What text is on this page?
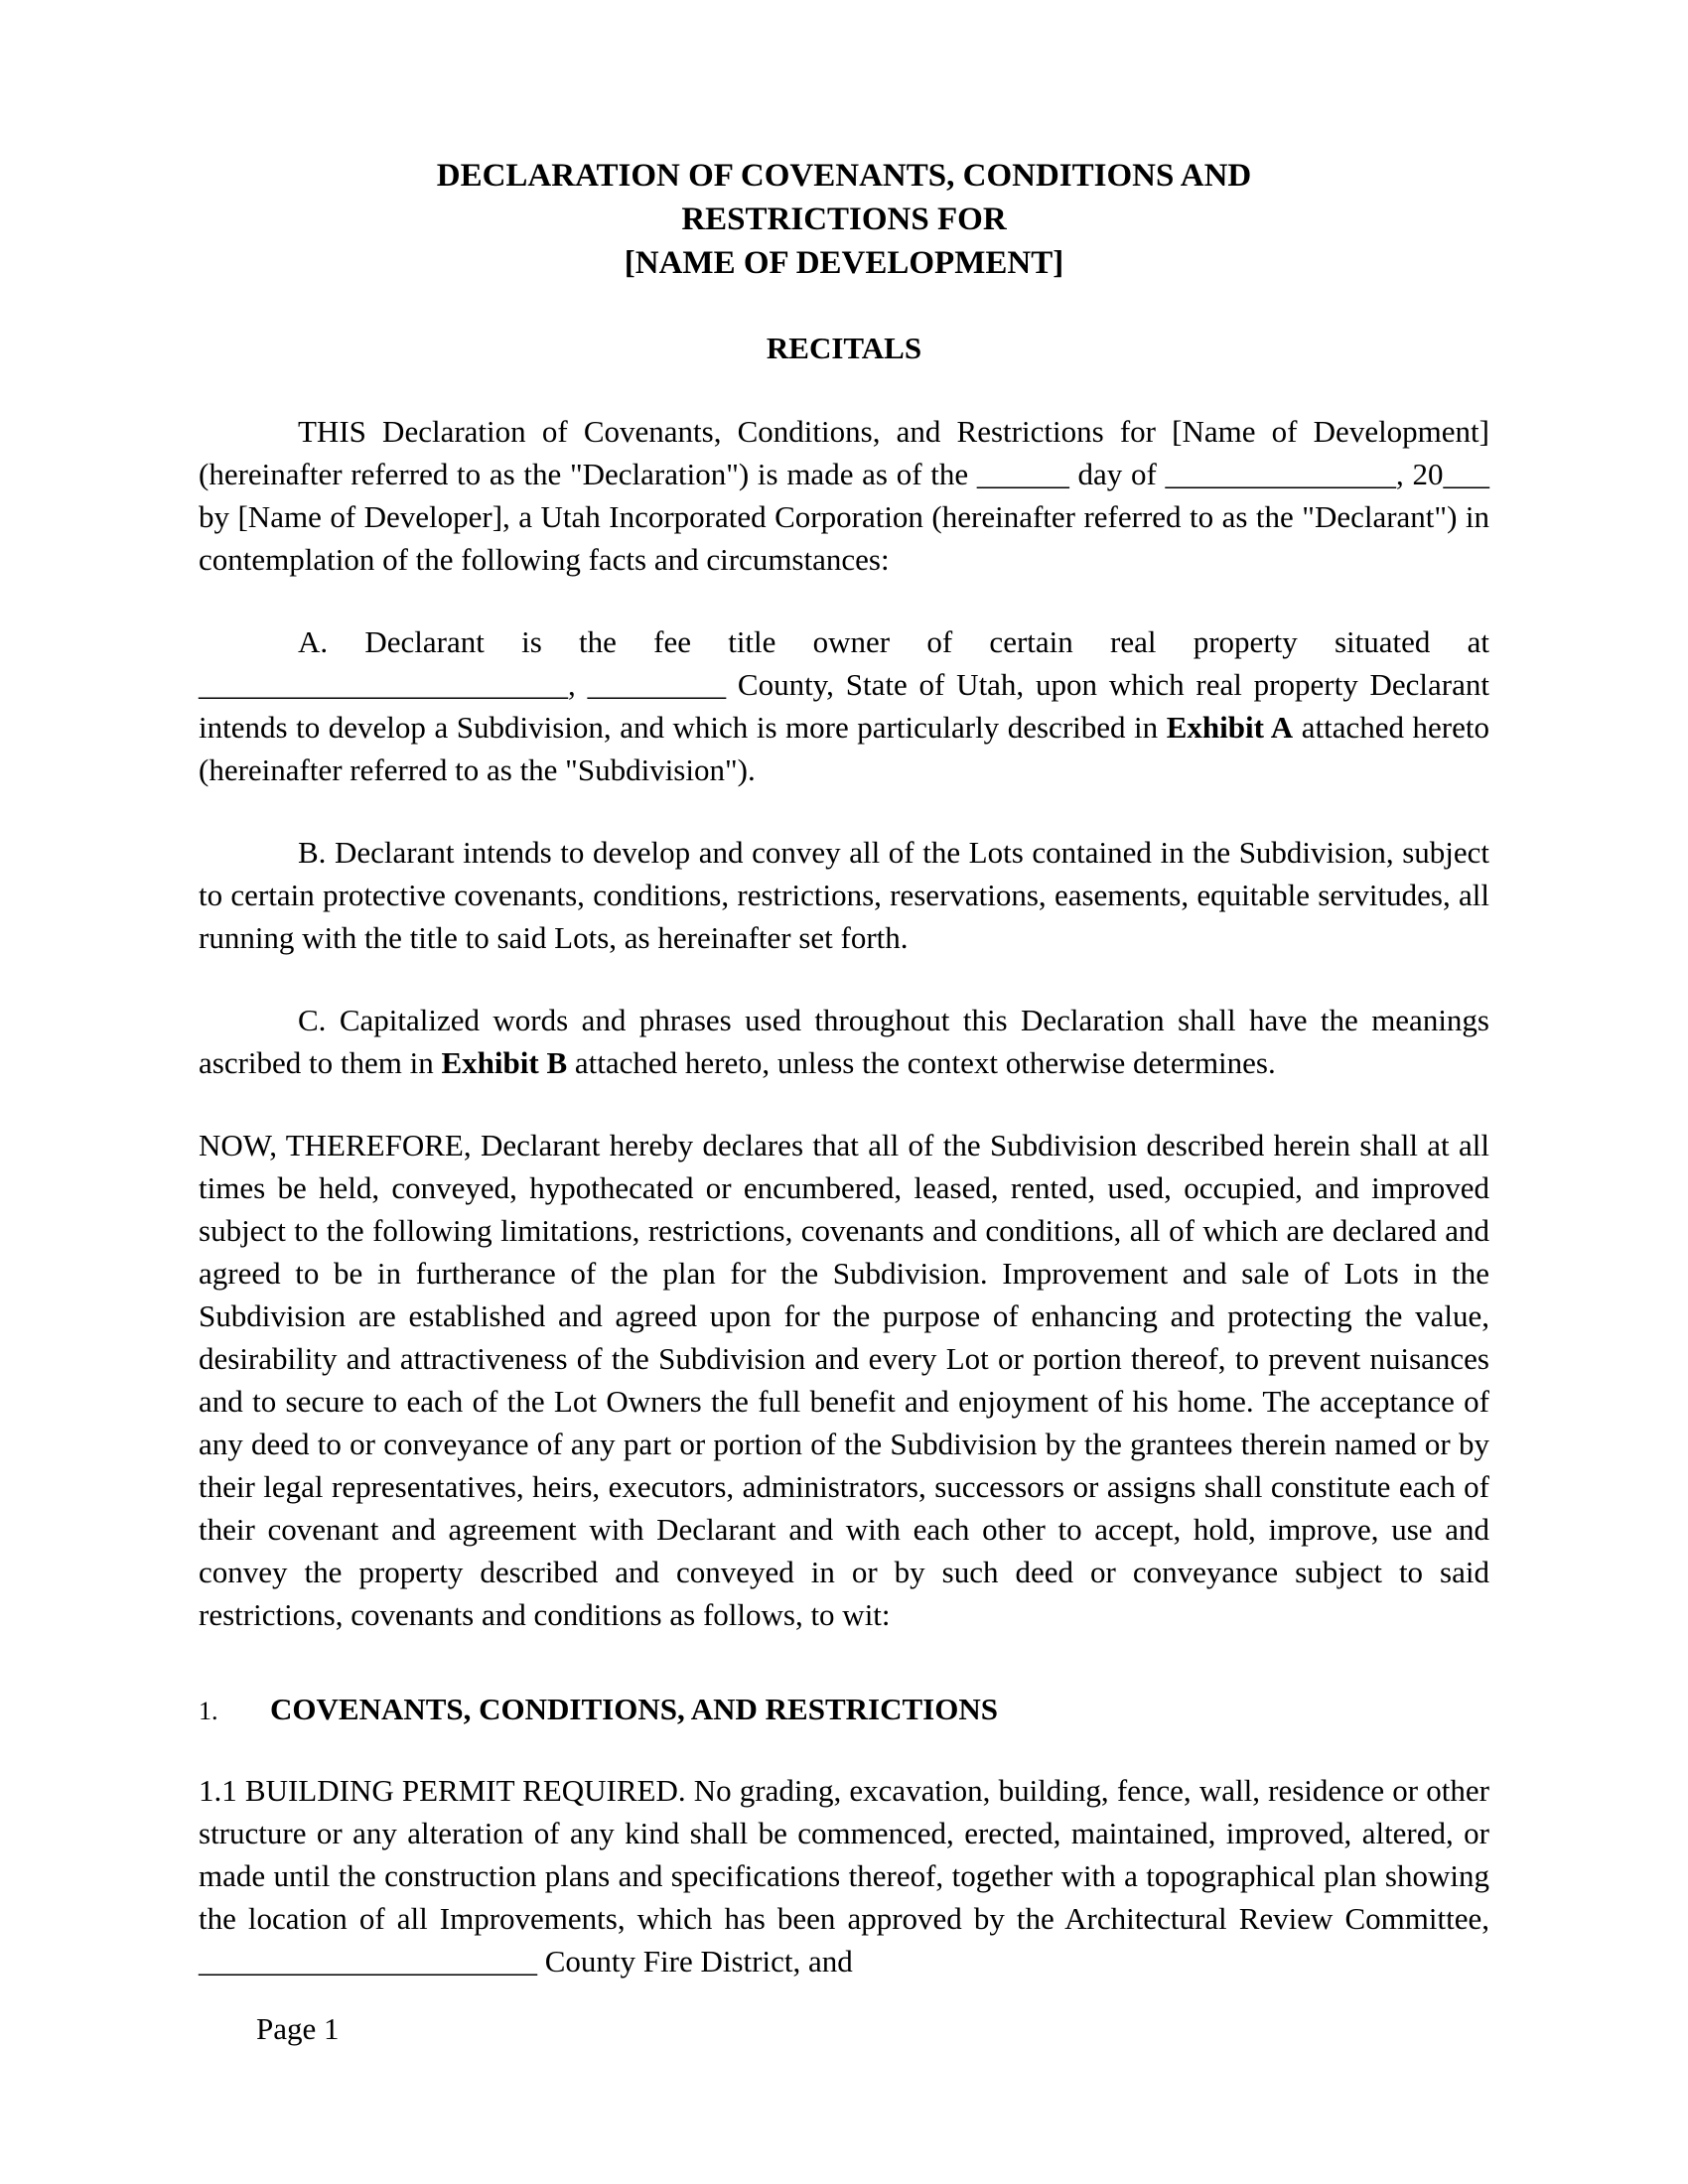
DECLARATION OF COVENANTS, CONDITIONS AND
RESTRICTIONS FOR
[NAME OF DEVELOPMENT]
RECITALS

THIS Declaration of Covenants, Conditions, and Restrictions for [Name of Development] (hereinafter referred to as the "Declaration") is made as of the ______ day of _______________, 20___ by [Name of Developer], a Utah Incorporated Corporation (hereinafter referred to as the "Declarant") in contemplation of the following facts and circumstances:

A. Declarant is the fee title owner of certain real property situated at ________________________, _________ County, State of Utah, upon which real property Declarant intends to develop a Subdivision, and which is more particularly described in Exhibit A attached hereto (hereinafter referred to as the "Subdivision").

B. Declarant intends to develop and convey all of the Lots contained in the Subdivision, subject to certain protective covenants, conditions, restrictions, reservations, easements, equitable servitudes, all running with the title to said Lots, as hereinafter set forth.

C. Capitalized words and phrases used throughout this Declaration shall have the meanings ascribed to them in Exhibit B attached hereto, unless the context otherwise determines.

NOW, THEREFORE, Declarant hereby declares that all of the Subdivision described herein shall at all times be held, conveyed, hypothecated or encumbered, leased, rented, used, occupied, and improved subject to the following limitations, restrictions, covenants and conditions, all of which are declared and agreed to be in furtherance of the plan for the Subdivision. Improvement and sale of Lots in the Subdivision are established and agreed upon for the purpose of enhancing and protecting the value, desirability and attractiveness of the Subdivision and every Lot or portion thereof, to prevent nuisances and to secure to each of the Lot Owners the full benefit and enjoyment of his home. The acceptance of any deed to or conveyance of any part or portion of the Subdivision by the grantees therein named or by their legal representatives, heirs, executors, administrators, successors or assigns shall constitute each of their covenant and agreement with Declarant and with each other to accept, hold, improve, use and convey the property described and conveyed in or by such deed or conveyance subject to said restrictions, covenants and conditions as follows, to wit:

1. COVENANTS, CONDITIONS, AND RESTRICTIONS

1.1 BUILDING PERMIT REQUIRED. No grading, excavation, building, fence, wall, residence or other structure or any alteration of any kind shall be commenced, erected, maintained, improved, altered, or made until the construction plans and specifications thereof, together with a topographical plan showing the location of all Improvements, which has been approved by the Architectural Review Committee, ______________________ County Fire District, and

Page 1
